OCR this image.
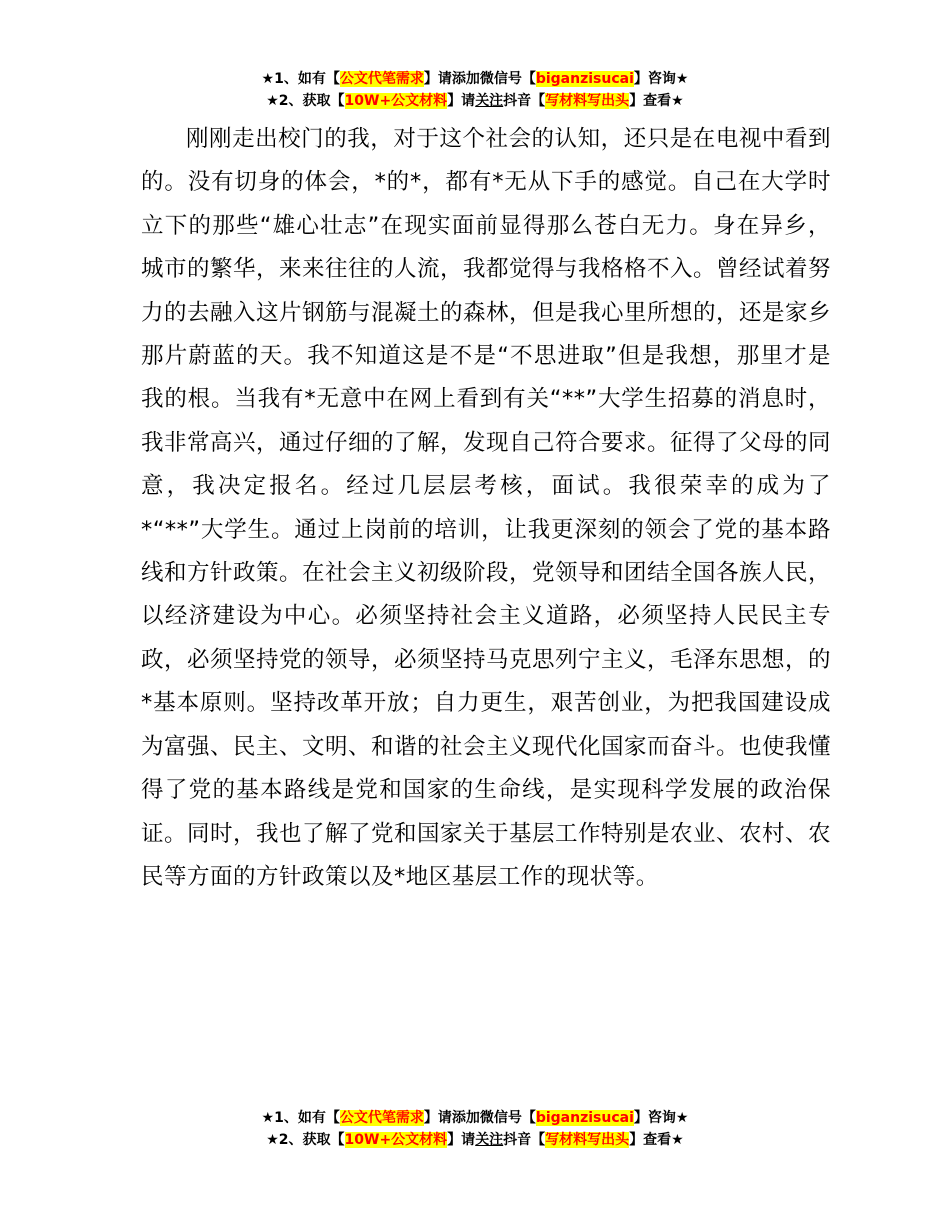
★1、如有【公文代笔需求】请添加微信号【biganzisucai】咨询★
★2、获取【10W+公文材料】请关注抖音【写材料写出头】查看★

刚刚走出校门的我，对于这个社会的认知，还只是在电视中看到的。没有切身的体会，*的*，都有*无从下手的感觉。自己在大学时立下的那些“雄心壮志”在现实面前显得那么苍白无力。身在异乡，城市的繁华，来来往往的人流，我都觉得与我格格不入。曾经试着努力的去融入这片钢筋与混凝土的森林，但是我心里所想的，还是家乡那片蔚蓝的天。我不知道这是不是“不思进取”但是我想，那里才是我的根。当我有*无意中在网上看到有关“**”大学生招募的消息时，我非常高兴，通过仔细的了解，发现自己符合要求。征得了父母的同意，我决定报名。经过几层层考核，面试。我很荣幸的成为了*“**”大学生。通过上岗前的培训，让我更深刻的领会了党的基本路线和方针政策。在社会主义初级阶段，党领导和团结全国各族人民，以经济建设为中心。必须坚持社会主义道路，必须坚持人民民主专政，必须坚持党的领导，必须坚持马克思列宁主义，毛泽东思想，的*基本原则。坚持改革开放；自力更生，艰苦创业，为把我国建设成为富强、民主、文明、和谐的社会主义现代化国家而奋斗。也使我懂得了党的基本路线是党和国家的生命线，是实现科学发展的政治保证。同时，我也了解了党和国家关于基层工作特别是农业、农村、农民等方面的方针政策以及*地区基层工作的现状等。

★1、如有【公文代笔需求】请添加微信号【biganzisucai】咨询★
★2、获取【10W+公文材料】请关注抖音【写材料写出头】查看★
